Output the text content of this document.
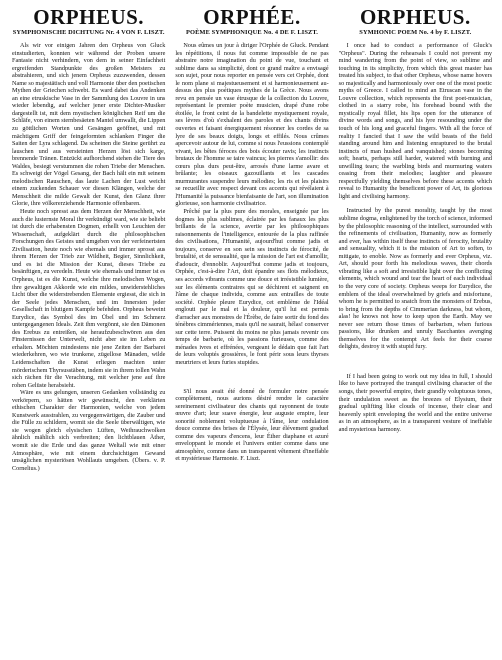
ORPHEUS.
SYMPHONISCHE DICHTUNG Nr. 4 VON F. LISZT.

Als wir vor einigen Jahren den Orpheus von Gluck einstudierten, konnten wir während der Proben unsere Fantasie nicht verhindern, von dem in seiner Einfachheit ergreifenden Standpunkte des großen Meisters zu abstrahieren, und sich jenem Orpheus zuzuwenden, dessen Name so majestätisch und voll Harmonie über den poetischen Mythen der Griechen schwebt. Es ward dabei das Andenken an eine etruskische Vase in der Sammlung des Louvre in uns wieder lebendig, auf welcher jener erste Dichter-Musiker dargestellt ist, mit dem mystischen königlichen Reif um die Schläfe, von einem sternbesäeten Mantel umwallt, die Lippen zu göttlichen Worten und Gesängen geöffnet, und mit mächtigem Griff der feingeformten schlanken Finger die Saiten der Lyra schlagend. Da scheinen die Steine gerührt zu lauschen und aus versteinten Herzen löst sich karge, brennende Tränen. Entzückt aufhorchend stehen die Tiere des Waldes, besiegt verstummen die rohen Triebe der Menschen. Es schweigt der Vögel Gesang, der Bach hält ein mit seinem melodischen Rauschen, das laute Lachen der Lust weicht einem zuckenden Schauer vor diesen Klängen, welche der Menschheit die milde Gewalt der Kunst, den Glanz ihrer Glorie, ihre völkererziehende Harmonie offenbaren.

Heute noch spresst aus dem Herzen der Menschheit, wie auch die lusternste Moral ihr verkündigt ward, wie sie beliebt ist durch die erhabensten Dogmen, erhellt von Leuchten der Wissenschaft, aufgeklärt durch die philosophischen Forschungen des Geistes und umgeben von der verfeinertsten Zivilisation, heute noch wie ehemals und immer sprosst aus ihrem Herzen der Trieb zur Wildheit, Begier, Sinnlichkeit, und es ist die Mission der Kunst, dieses Triebe zu besänftigen, zu veredeln. Heute wie ehemals und immer ist es Orpheus, ist es die Kunst, welche ihre melodischen Wogen, ihre gewaltigen Akkorde wie ein mildes, unwiderstehliches Licht über die widerstrebenden Elemente ergiesst, die sich in der Seele jedes Menschen, und im Innersten jeder Gesellschaft in blutigem Kampfe befehden. Orpheus beweint Eurydice, das Symbol des im Übel und im Schmerz untergegangenen Ideals. Zeit ihm vergönnt, sie den Dämonen des Erebus zu entreißen, sie heraufzubeschwören aus den Finsternissen der Unterwelt, nicht aber sie im Leben zu erhalten. Möchten mindestens nie jene Zeiten der Barbarei wiederkehren, wo wie trunkene, zügellose Mänaden, wilde Leidenschaften die Kunst erliegen machten unter mörderischem Thyrsusstäben, indem sie in ihrem tollen Wahn sich rächen für die Verachtung, mit welcher jene auf ihre rohen Gelüste herabsieht.

Wäre es uns gelungen, unseren Gedanken vollständig zu verkörpern, so hätten wir gewünscht, den verklärten ethischen Charakter der Harmonien, welche von jedem Kunstwerk ausstrahlen, zu vergegenwärtigen, die Zauber und die Fülle zu schildern, womit sie die Seele überwältigen, wie sie wogen gleich elysischen Lüften, Weihrauchwolken ähnlich mählich sich verbreiten; den lichtblauen Äther, womit sie die Erde und das ganze Weltall wie mit einer Atmosphäre, wie mit einem durchsichtigen Gewand unsäglichen mysteriösen Wohllauts umgeben. (Übers. v. P. Cornelius.)

ORPHÉE.
POÈME SYMPHONIQUE No. 4 DE F. LISZT.

Nous eûmes un jour à diriger l'Orphée de Gluck. Pendant les répétitions, il nous fut comme impossible de ne pas abstraire notre imagination du point de vue, touchant et sublime dans sa simplicité, dont ce grand maître a envisagé son sujet, pour nous reporter en pensée vers cet Orphée, dont le nom plane si majestueusement et si harmonieusement au-dessus des plus poétiques mythes de la Grèce. Nous avons revu en pensée un vase étrusque de la collection du Louvre, représentant le premier poète musicien, drapé d'une robe étoilée, le front ceint de la bandelette mystiquement royale, ses lèvres d'où s'exhalent des paroles et des chants divins ouvertes et faisant énergiquement résonner les cordes de sa lyre de ses beaux doigts, longs et effilés. Nous crûmes apercevoir autour de lui, comme si nous l'eussions contemplé vivant, les bêtes féroces des bois écouter ravis; les instincts brutaux de l'homme se taire vaincus; les pierres s'amollir: des cœurs plus durs peut-être, arrosés d'une larme avare et brûlante; les oiseaux gazouillants et les cascades murmurantes suspendre leurs mélodies; les ris et les plaisirs se recueillir avec respect devant ces accents qui révélaient à l'Humanité la puissance bienfaisante de l'art, son illumination glorieuse, son harmonie civilisatrice.

Prêché par la plus pure des morales, enseignée par les dogmes les plus sublimes, éclairée par les fanaux les plus brillants de la science, avertie par les philosophiques raisonnements de l'intelligence, entourée de la plus raffinée des civilisations, l'Humanité, aujourd'hui comme jadis et toujours, conserve en son sein ses instincts de férocité, de brutalité, et de sensualité, que la mission de l'art est d'amollir, d'adoucir, d'ennoblir. Aujourd'hui comme jadis et toujours, Orphée, c'est-à-dire l'Art, doit épandre ses flots mélodieux, ses accords vibrants comme une douce et irrésistible lumière, sur les éléments contraires qui se déchirent et saignent en l'âme de chaque individu, comme aux entrailles de toute société. Orphée pleure Eurydice, cet emblème de l'Idéal englouti par le mal et la douleur, qu'il lui est permis d'arracher aux monstres de l'Érèbe, de faire sortir du fond des ténèbres cimmériennes, mais qu'il ne saurait, hélas! conserver sur cette terre. Puissent du moins ne plus jamais revenir ces temps de barbarie, où les passions furieuses, comme des ménades ivres et effrénées, vengeant le dédain que fait l'art de leurs voluptés grossières, le font périr sous leurs thyrses meurtriers et leurs furies stupides.

S'il nous avait été donné de formuler notre pensée complètement, nous aurions désiré rendre le caractère sereinement civilisateur des chants qui rayonnent de toute œuvre d'art; leur suave énergie, leur auguste empire, leur sonorité noblement voluptueuse à l'âme, leur ondulation douce comme des brises de l'Élysée, leur élévement graduel comme des vapeurs d'encens, leur Éther diaphane et azuré enveloppant le monde et l'univers entier comme dans une atmosphère, comme dans un transparent vêtement d'ineffable et mystérieuse Harmonie. F. Liszt.

ORPHEUS.
SYMHONIC POEM No. 4 by F. LISZT.

I once had to conduct a performance of Gluck's "Orpheus". During the rehearsals I could not prevent my mind wandering from the point of view, so sublime and touching in its simplicity, from which this great master has treated his subject, to that other Orpheus, whose name hovers so majestically and harmoniously over one of the most poetic myths of Greece. I called to mind an Etruscan vase in the Louvre collection, which represents the first poet-musician, clothed in a starry robe, his forehead bound with the mystically royal fillet, his lips open for the utterance of divine words and songs, and his lyre resounding under the touch of his long and graceful fingers. With all the force of reality I fancied that I saw the wild beasts of the field standing around him and listening enraptured to the brutal instincts of man hushed and vanquished; stones becoming soft; hearts, perhaps still harder, watered with burning and unwilling tears; the warbling birds and murmuring waters ceasing from their melodies; laughter and pleasure respectfully yielding themselves before these accents which reveal to Humanity the beneficent power of Art, its glorious light and civilising harmony.

Instructed by the purest morality, taught by the most sublime dogma, enlightened by the torch of science, informed by the philosophic reasoning of the intellect, surrounded with the refinements of civilisation, Humanity, now as formerly and ever, has within itself these instincts of ferocity, brutality and sensuality, which it is the mission of Art to soften, to mitigate, to enoble. Now as formerly and ever Orpheus, viz. Art, should pour forth his melodious waves, their chords vibrating like a soft and irresistible light over the conflicting elements, which wound and tear the heart of each individual to the very core of society. Orpheus weeps for Eurydice, the emblem of the ideal overwhelmed by griefs and misfortune, whom he is permitted to snatch from the monsters of Erebus, to bring from the depths of Cimmerian darkness, but whom, alas! he knows not how to keep upon the Earth. May we never see return those times of barbarism, when furious passions, like drunken and unruly Bacchantes avenging themselves for the contempt Art feels for their coarse delights, destroy it with stupid fury.

If I had been going to work out my idea in full, I should like to have portrayed the tranquil civilising character of the songs, their powerful empire, their grandly voluptuous tones, their undulation sweet as the breezes of Elysium, their gradual uplifting like clouds of incense, their clear and heavenly spirit enveloping the world and the entire universe as in an atmosphere, as in a transparent vesture of ineffable and mysterious harmony.
